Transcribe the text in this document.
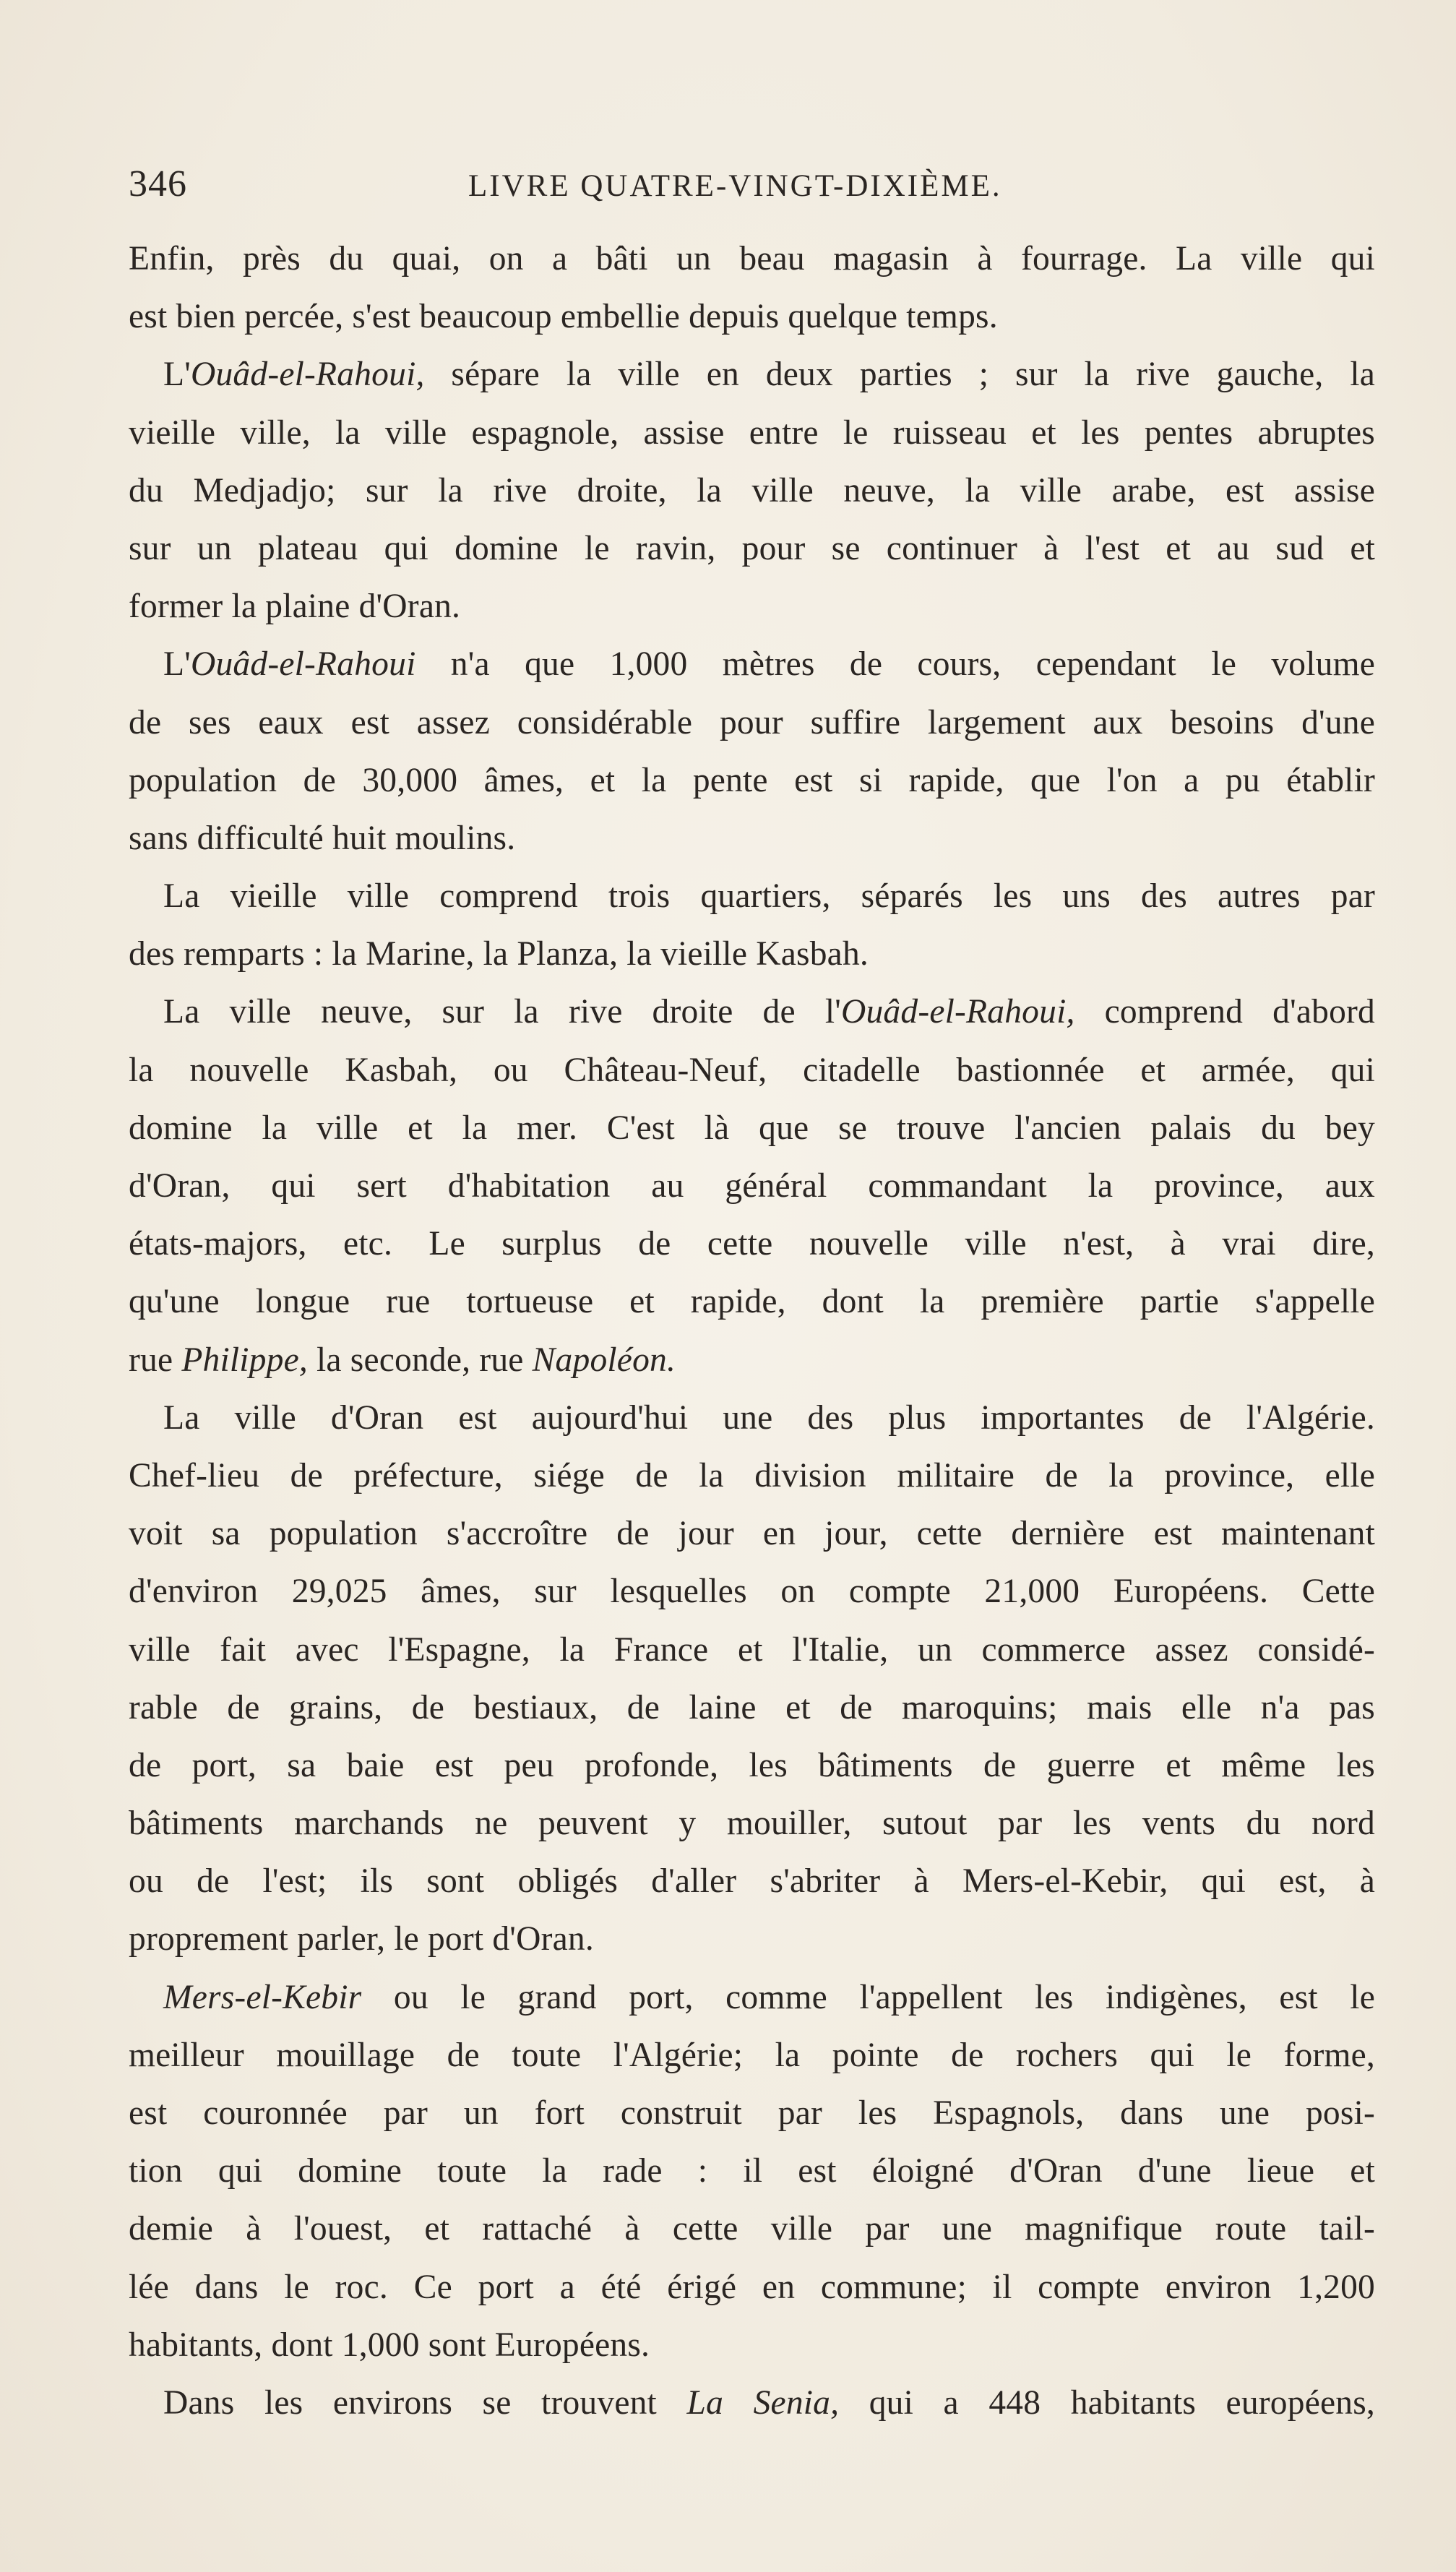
346	LIVRE QUATRE-VINGT-DIXIÈME.
Enfin, près du quai, on a bâti un beau magasin à fourrage. La ville qui
est bien percée, s'est beaucoup embellie depuis quelque temps.
L'Ouâd-el-Rahoui, sépare la ville en deux parties ; sur la rive gauche, la
vieille ville, la ville espagnole, assise entre le ruisseau et les pentes abruptes
du Medjadjo; sur la rive droite, la ville neuve, la ville arabe, est assise
sur un plateau qui domine le ravin, pour se continuer à l'est et au sud et
former la plaine d'Oran.
L'Ouâd-el-Rahoui n'a que 1,000 mètres de cours, cependant le volume
de ses eaux est assez considérable pour suffire largement aux besoins d'une
population de 30,000 âmes, et la pente est si rapide, que l'on a pu établir
sans difficulté huit moulins.
La vieille ville comprend trois quartiers, séparés les uns des autres par
des remparts : la Marine, la Planza, la vieille Kasbah.
La ville neuve, sur la rive droite de l'Ouâd-el-Rahoui, comprend d'abord
la nouvelle Kasbah, ou Château-Neuf, citadelle bastionnée et armée, qui
domine la ville et la mer. C'est là que se trouve l'ancien palais du bey
d'Oran, qui sert d'habitation au général commandant la province, aux
états-majors, etc. Le surplus de cette nouvelle ville n'est, à vrai dire,
qu'une longue rue tortueuse et rapide, dont la première partie s'appelle
rue Philippe, la seconde, rue Napoléon.
La ville d'Oran est aujourd'hui une des plus importantes de l'Algérie.
Chef-lieu de préfecture, siége de la division militaire de la province, elle
voit sa population s'accroître de jour en jour, cette dernière est maintenant
d'environ 29,025 âmes, sur lesquelles on compte 21,000 Européens. Cette
ville fait avec l'Espagne, la France et l'Italie, un commerce assez considé-
rable de grains, de bestiaux, de laine et de maroquins; mais elle n'a pas
de port, sa baie est peu profonde, les bâtiments de guerre et même les
bâtiments marchands ne peuvent y mouiller, sutout par les vents du nord
ou de l'est; ils sont obligés d'aller s'abriter à Mers-el-Kebir, qui est, à
proprement parler, le port d'Oran.
Mers-el-Kebir ou le grand port, comme l'appellent les indigènes, est le
meilleur mouillage de toute l'Algérie; la pointe de rochers qui le forme,
est couronnée par un fort construit par les Espagnols, dans une posi-
tion qui domine toute la rade : il est éloigné d'Oran d'une lieue et
demie à l'ouest, et rattaché à cette ville par une magnifique route tail-
lée dans le roc. Ce port a été érigé en commune; il compte environ 1,200
habitants, dont 1,000 sont Européens.
Dans les environs se trouvent La Senia, qui a 448 habitants européens,
